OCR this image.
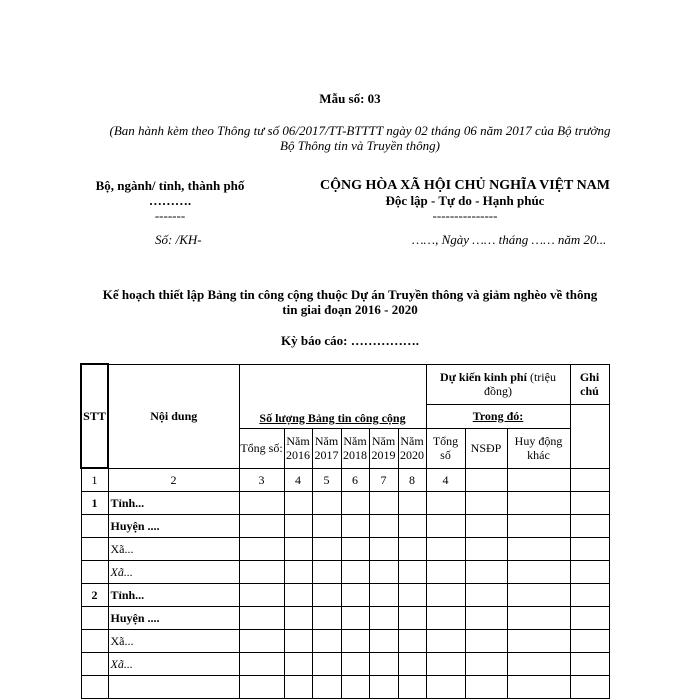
Mẫu số: 03
(Ban hành kèm theo Thông tư số 06/2017/TT-BTTTT ngày 02 tháng 06 năm 2017 của Bộ trưởng
Bộ Thông tin và Truyền thông)
Bộ, ngành/ tỉnh, thành phố
……….
-------
CỘNG HÒA XÃ HỘI CHỦ NGHĨA VIỆT NAM
Độc lập - Tự do - Hạnh phúc
---------------
Số: /KH-	……, Ngày …… tháng …… năm 20...
Kế hoạch thiết lập Bảng tin công cộng thuộc Dự án Truyền thông và giảm nghèo về thông
tin giai đoạn 2016 - 2020
Kỳ báo cáo: …………….
STT	Nội dung	Số lượng Bảng tin công cộng						Dự kiến kinh phí (triệu đồng)			Ghi chú
								Trong đó:			
		Tổng số:	Năm 2016	Năm 2017	Năm 2018	Năm 2019	Năm 2020	Tổng số	NSĐP	Huy động khác	
1	2	3	4	5	6	7	8	4			
1	Tỉnh...										
	Huyện ....										
	Xã...										
	Xã...										
2	Tỉnh...										
	Huyện ....										
	Xã...										
	Xã...										
